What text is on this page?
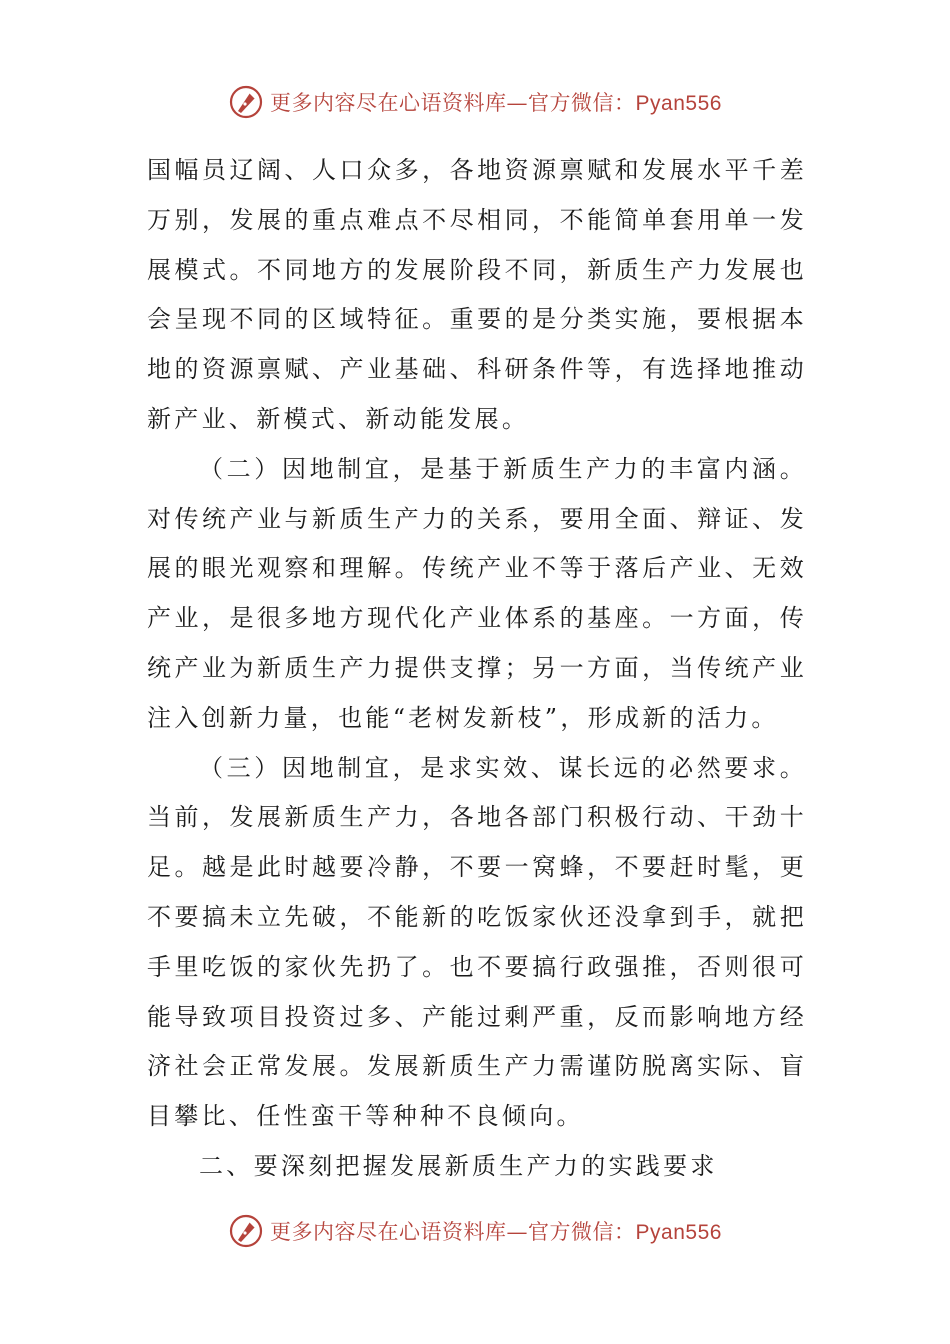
更多内容尽在心语资料库—官方微信：Pyan556

国幅员辽阔、人口众多，各地资源禀赋和发展水平千差万别，发展的重点难点不尽相同，不能简单套用单一发展模式。不同地方的发展阶段不同，新质生产力发展也会呈现不同的区域特征。重要的是分类实施，要根据本地的资源禀赋、产业基础、科研条件等，有选择地推动新产业、新模式、新动能发展。

（二）因地制宜，是基于新质生产力的丰富内涵。对传统产业与新质生产力的关系，要用全面、辩证、发展的眼光观察和理解。传统产业不等于落后产业、无效产业，是很多地方现代化产业体系的基座。一方面，传统产业为新质生产力提供支撑；另一方面，当传统产业注入创新力量，也能“老树发新枝”，形成新的活力。

（三）因地制宜，是求实效、谋长远的必然要求。当前，发展新质生产力，各地各部门积极行动、干劲十足。越是此时越要冷静，不要一窝蜂，不要赶时髦，更不要搞未立先破，不能新的吃饭家伙还没拿到手，就把手里吃饭的家伙先扔了。也不要搞行政强推，否则很可能导致项目投资过多、产能过剩严重，反而影响地方经济社会正常发展。发展新质生产力需谨防脱离实际、盲目攀比、任性蛮干等种种不良倾向。

二、要深刻把握发展新质生产力的实践要求

更多内容尽在心语资料库—官方微信：Pyan556
